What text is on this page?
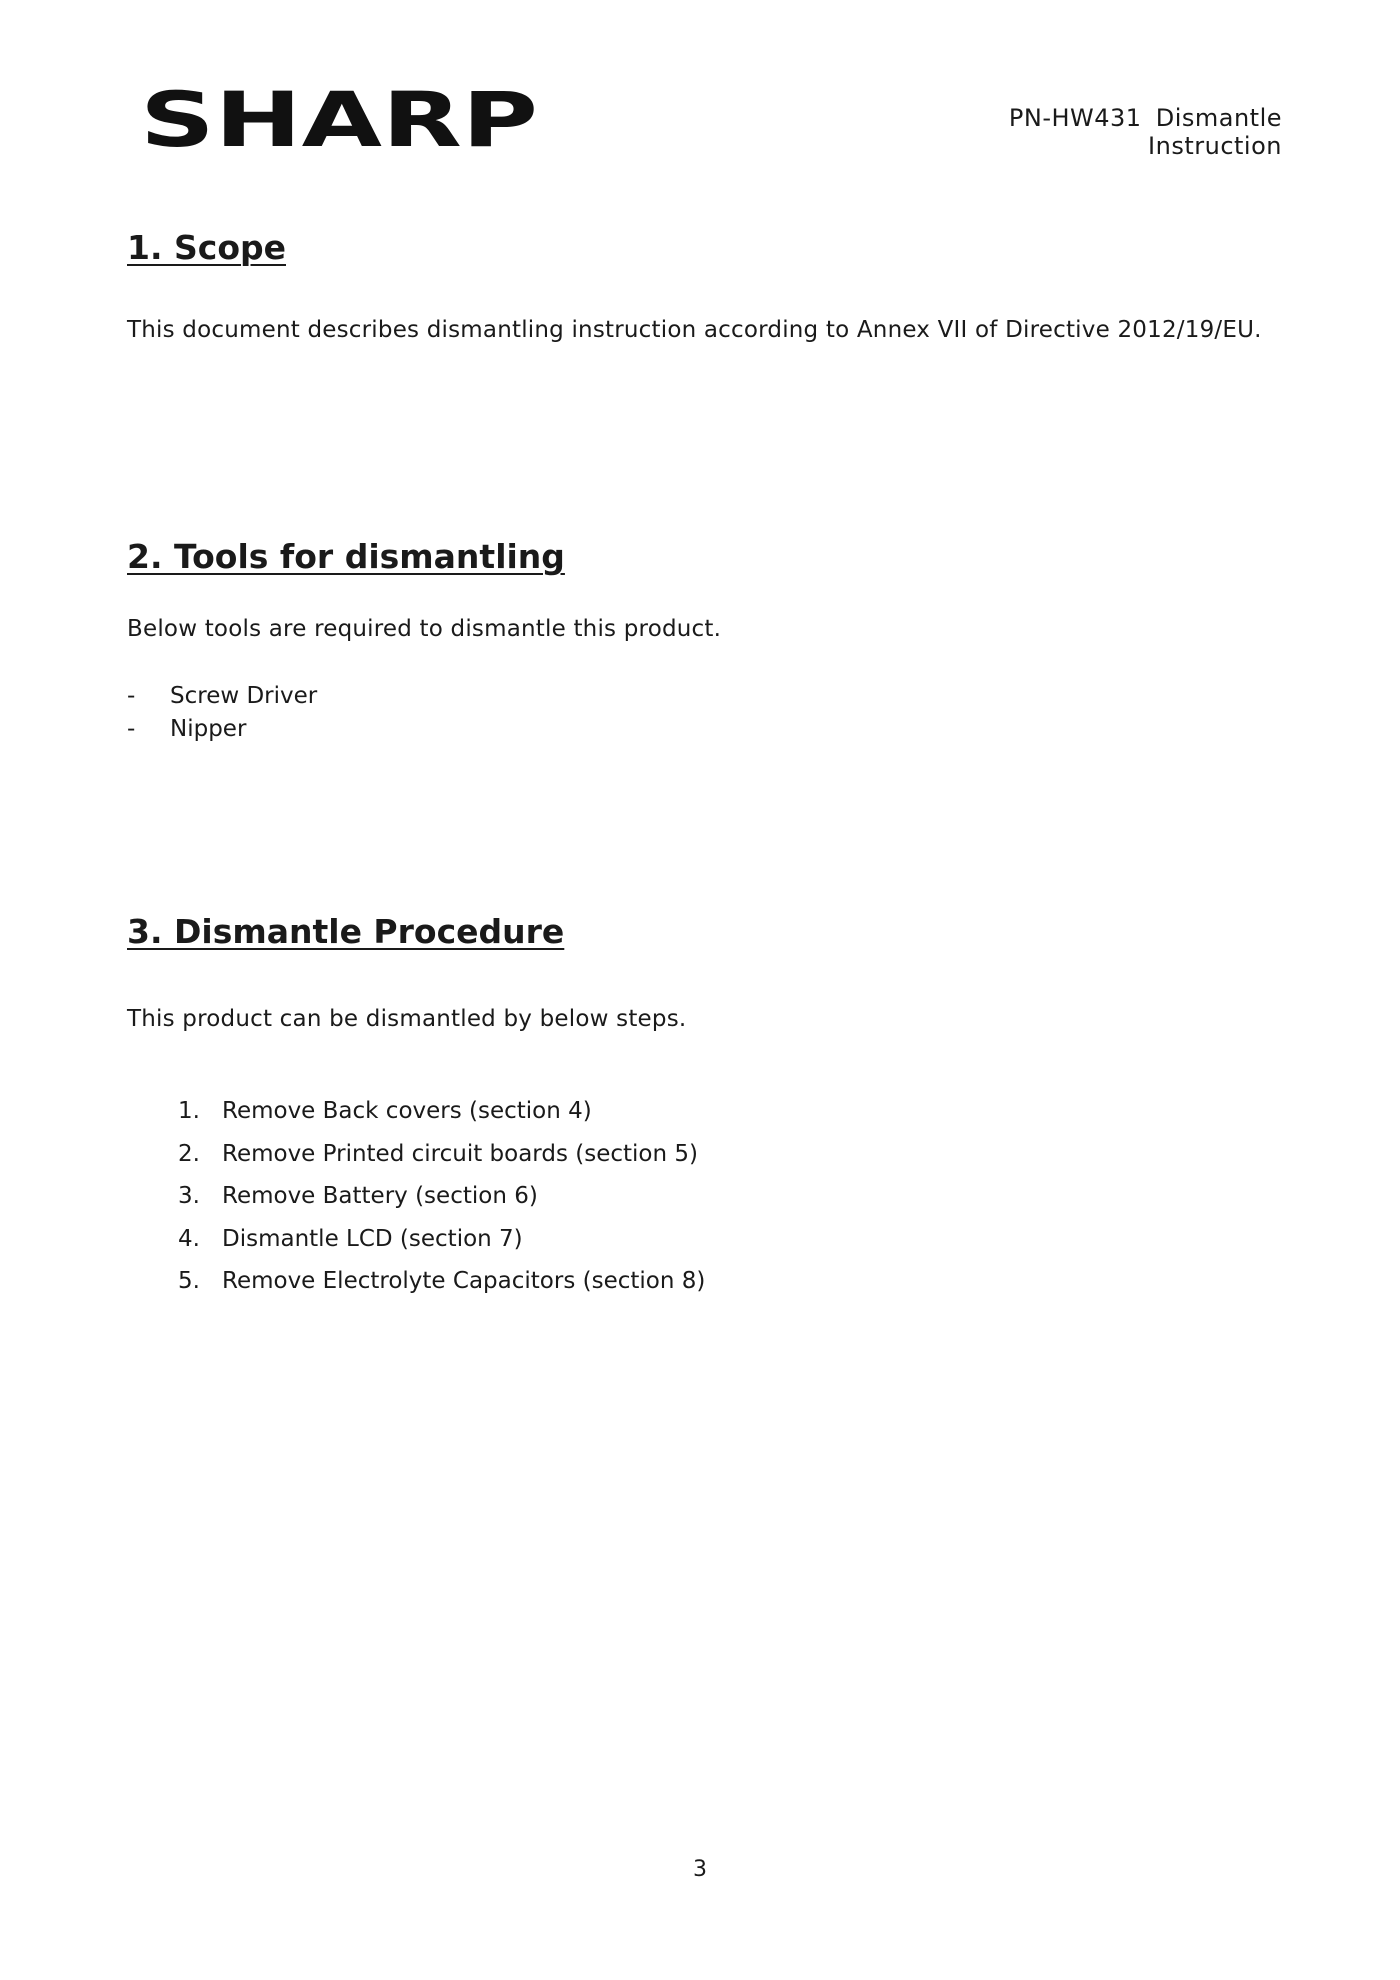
SHARP	PN-HW431 Dismantle Instruction
1. Scope

This document describes dismantling instruction according to Annex VII of Directive 2012/19/EU.

2. Tools for dismantling

Below tools are required to dismantle this product.

-	Screw Driver
-	Nipper
3. Dismantle Procedure

This product can be dismantled by below steps.

1. Remove Back covers (section 4)
2. Remove Printed circuit boards (section 5)
3. Remove Battery (section 6)
4. Dismantle LCD (section 7)
5. Remove Electrolyte Capacitors (section 8)
3
